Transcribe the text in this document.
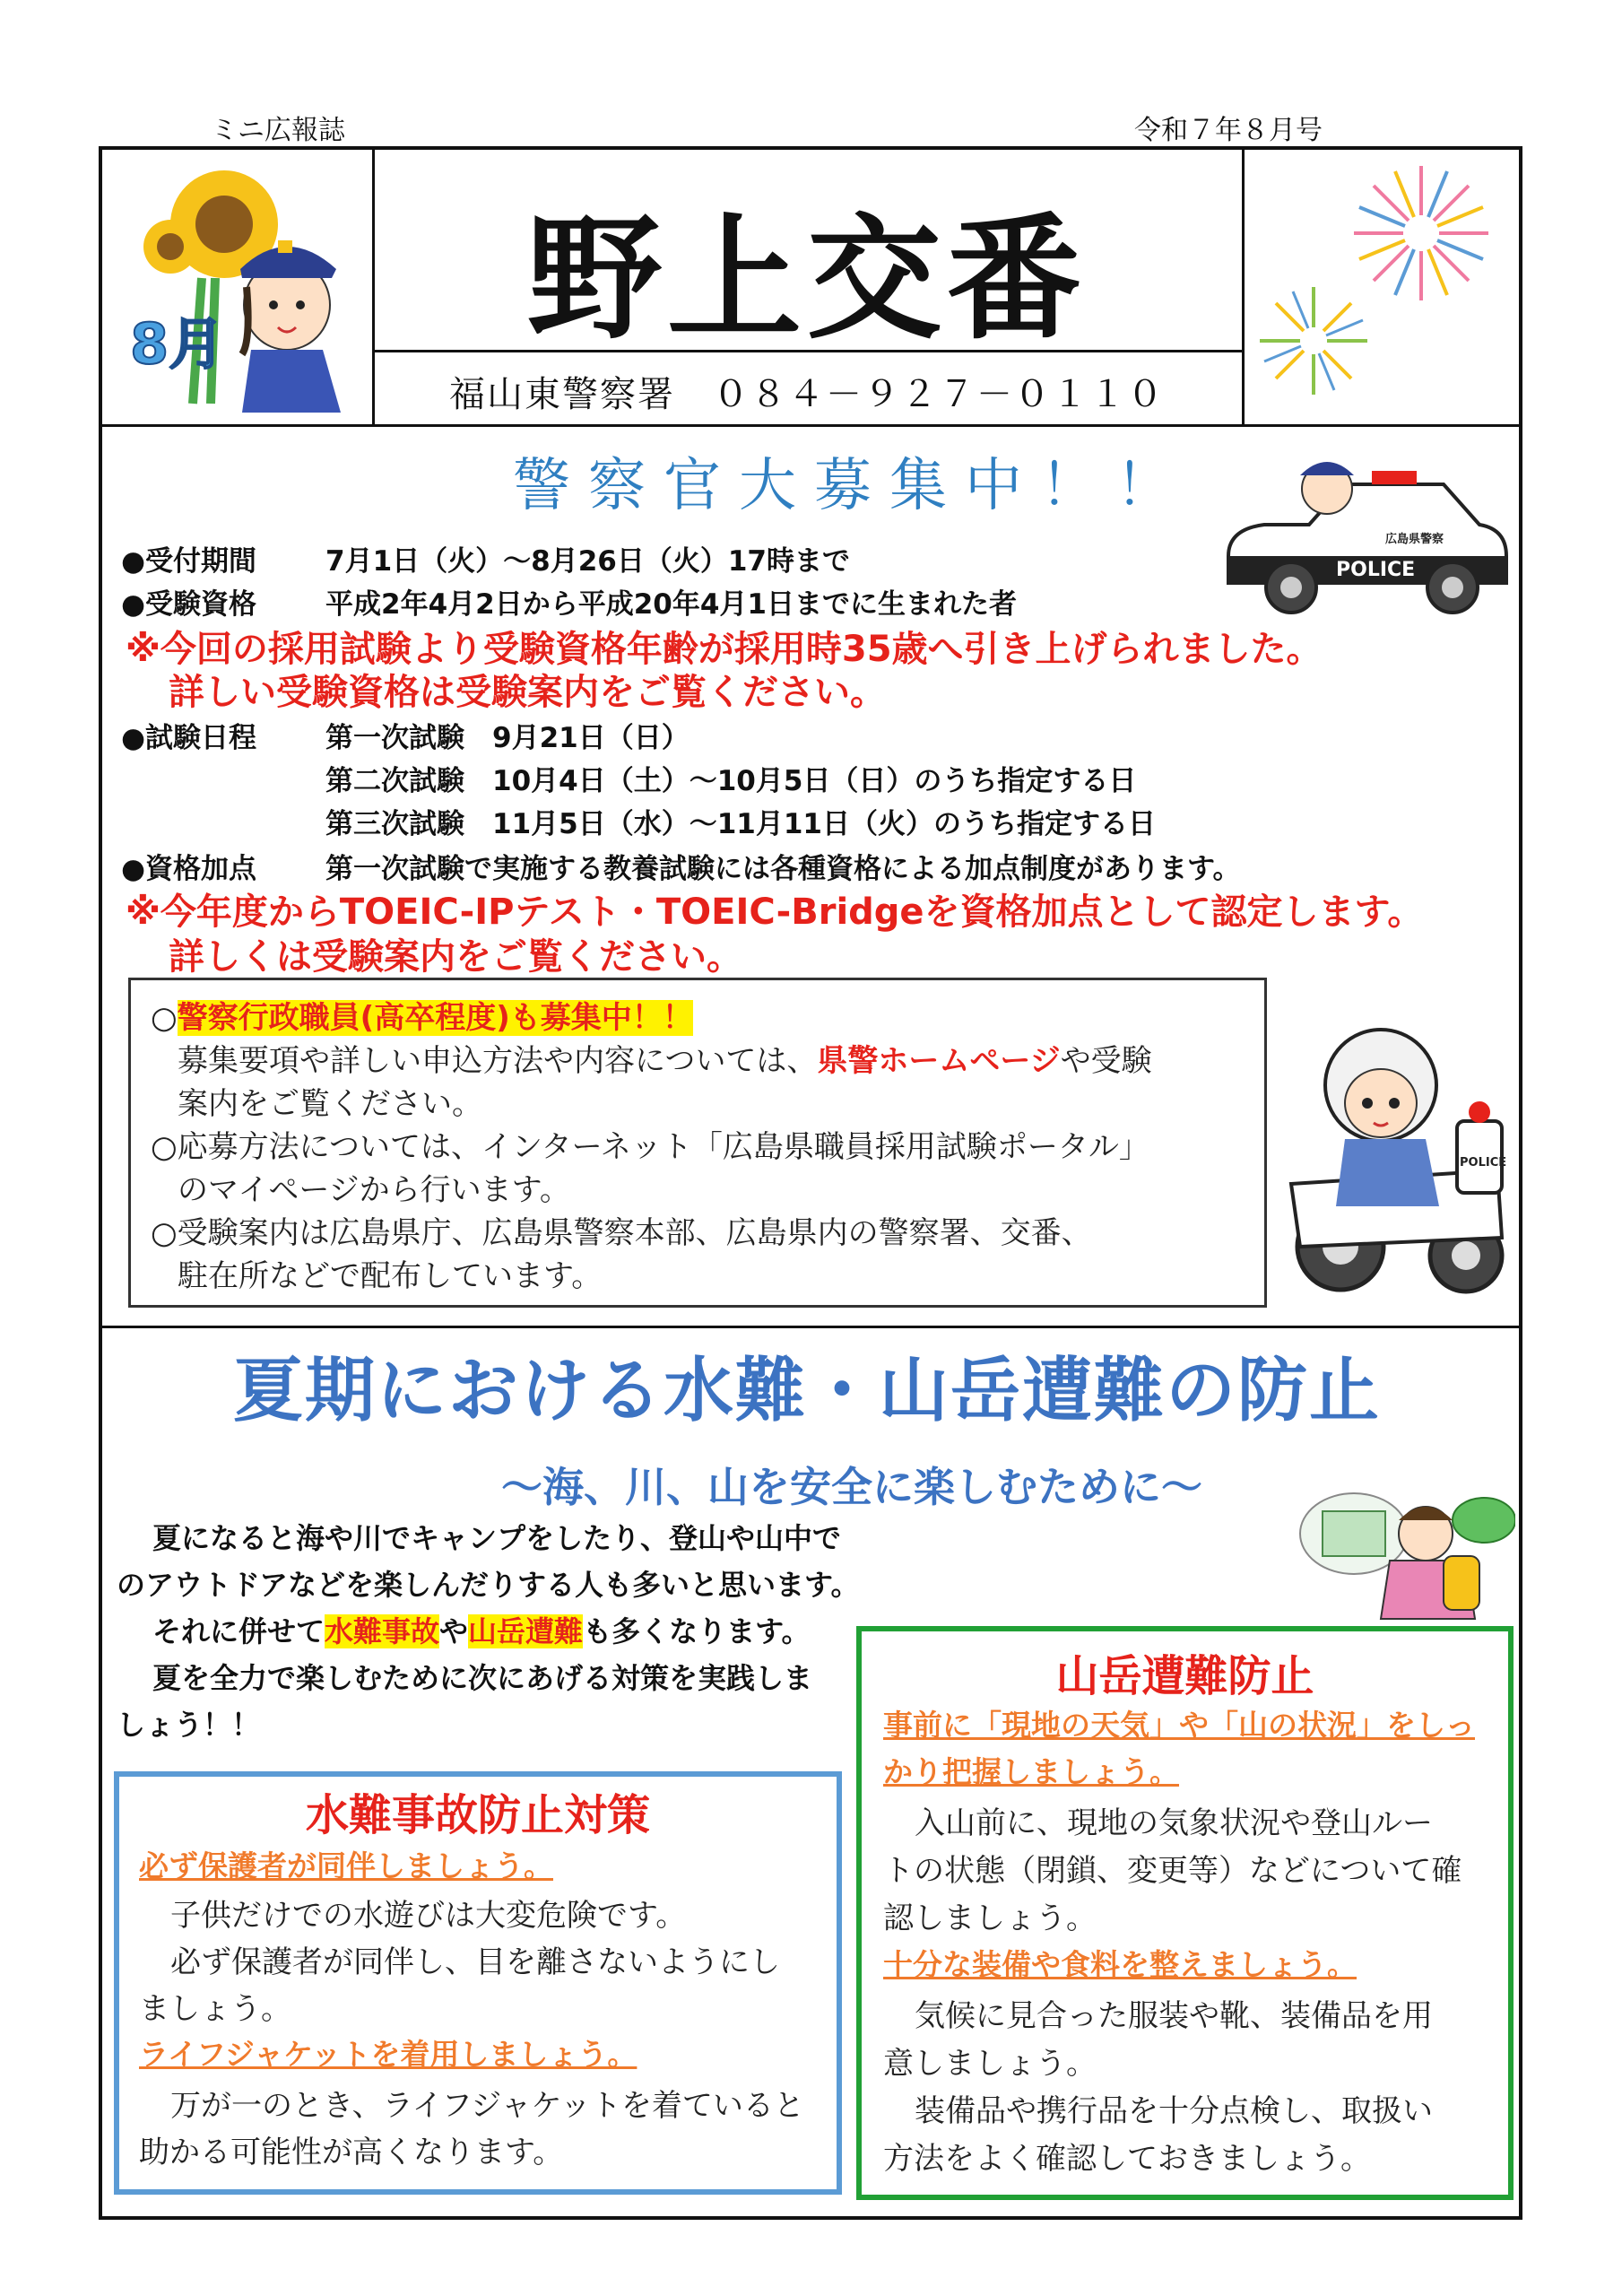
ミニ広報誌	令和７年８月号
8月	野上交番
福山東警察署　０８４－９２７－０１１０
警察官大募集中！！
広島県警察
POLICE
●受付期間 7月1日（火）～8月26日（火）17時まで
●受験資格 平成2年4月2日から平成20年4月1日までに生まれた者
※今回の採用試験より受験資格年齢が採用時35歳へ引き上げられました。
詳しい受験資格は受験案内をご覧ください。
●試験日程 第一次試験　9月21日（日）
第二次試験　10月4日（土）～10月5日（日）のうち指定する日
第三次試験　11月5日（水）～11月11日（火）のうち指定する日
●資格加点 第一次試験で実施する教養試験には各種資格による加点制度があります。
※今年度からTOEIC-IPテスト・TOEIC-Bridgeを資格加点として認定します。
詳しくは受験案内をご覧ください。
○警察行政職員(高卒程度)も募集中！！
募集要項や詳しい申込方法や内容については、県警ホームページや受験
案内をご覧ください。
○応募方法については、インターネット「広島県職員採用試験ポータル」
のマイページから行います。
○受験案内は広島県庁、広島県警察本部、広島県内の警察署、交番、
駐在所などで配布しています。
POLICE
夏期における水難・山岳遭難の防止
～海、川、山を安全に楽しむために～
夏になると海や川でキャンプをしたり、登山や山中で
のアウトドアなどを楽しんだりする人も多いと思います。
それに併せて水難事故や山岳遭難も多くなります。
夏を全力で楽しむために次にあげる対策を実践しま
しょう！！
水難事故防止対策
必ず保護者が同伴しましょう。
子供だけでの水遊びは大変危険です。
必ず保護者が同伴し、目を離さないようにし
ましょう。
ライフジャケットを着用しましょう。
万が一のとき、ライフジャケットを着ていると
助かる可能性が高くなります。
山岳遭難防止
事前に「現地の天気」や「山の状況」をしっ
かり把握しましょう。
入山前に、現地の気象状況や登山ルー
トの状態（閉鎖、変更等）などについて確
認しましょう。
十分な装備や食料を整えましょう。
気候に見合った服装や靴、装備品を用
意しましょう。
装備品や携行品を十分点検し、取扱い
方法をよく確認しておきましょう。
